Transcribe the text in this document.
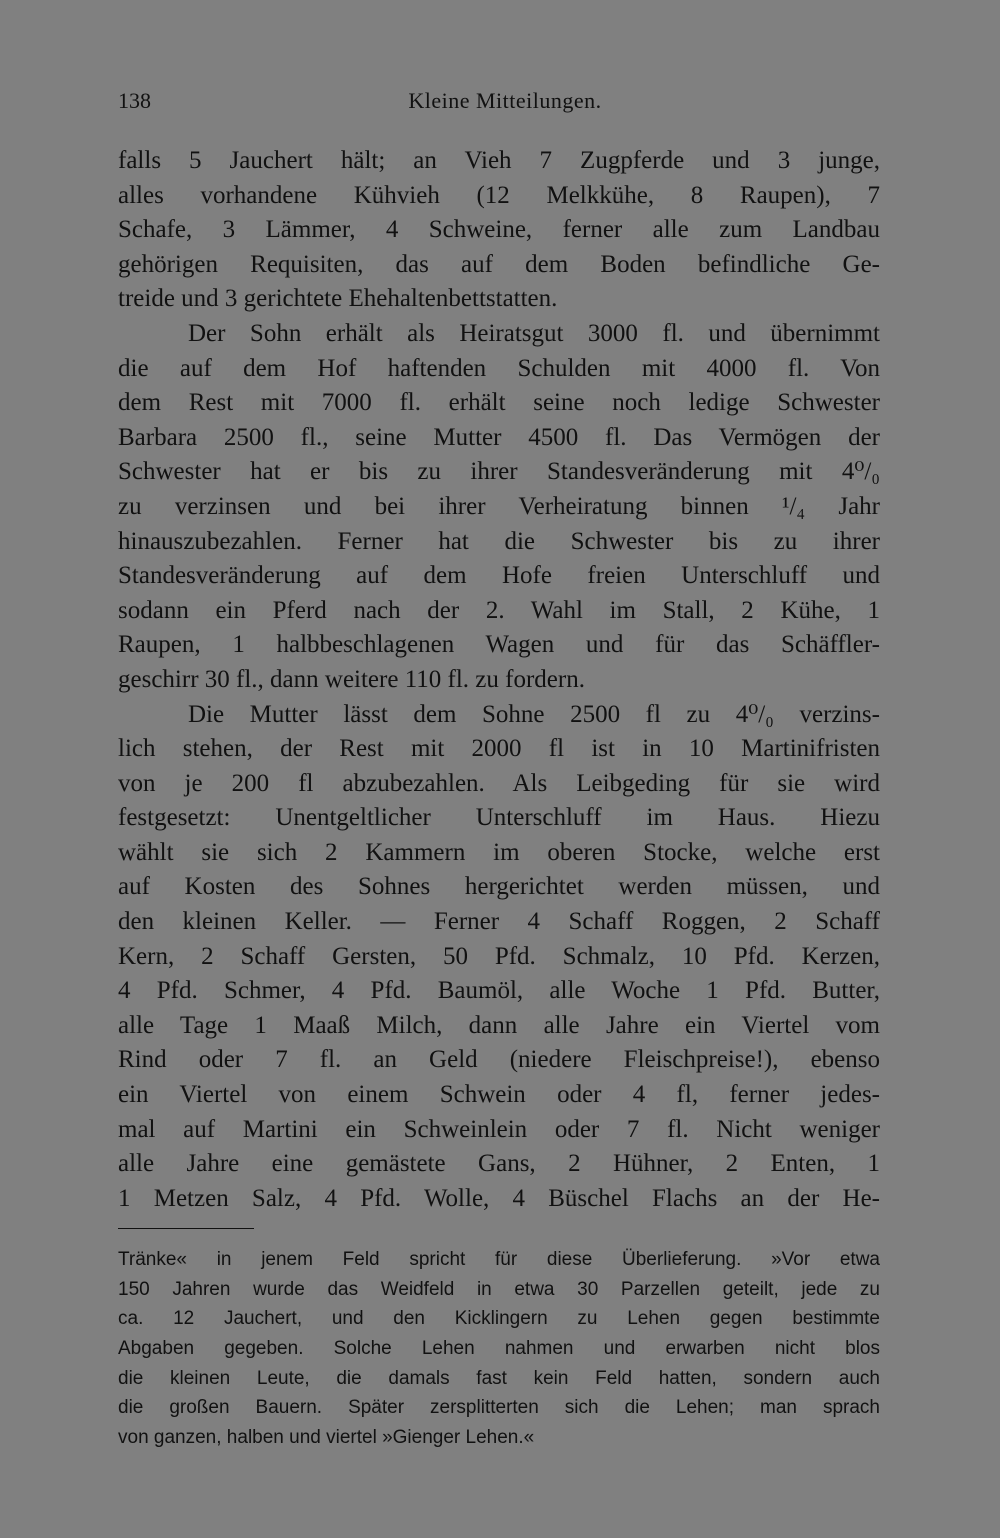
138	Kleine Mitteilungen.
falls 5 Jauchert hält; an Vieh 7 Zugpferde und 3 junge,
alles vorhandene Kühvieh (12 Melkkühe, 8 Raupen), 7
Schafe, 3 Lämmer, 4 Schweine, ferner alle zum Landbau
gehörigen Requisiten, das auf dem Boden befindliche Ge-
treide und 3 gerichtete Ehehaltenbettstatten.
Der Sohn erhält als Heiratsgut 3000 fl. und übernimmt
die auf dem Hof haftenden Schulden mit 4000 fl. Von
dem Rest mit 7000 fl. erhält seine noch ledige Schwester
Barbara 2500 fl., seine Mutter 4500 fl. Das Vermögen der
Schwester hat er bis zu ihrer Standesveränderung mit 4⁰/₀
zu verzinsen und bei ihrer Verheiratung binnen ¹/₄ Jahr
hinauszubezahlen. Ferner hat die Schwester bis zu ihrer
Standesveränderung auf dem Hofe freien Unterschluff und
sodann ein Pferd nach der 2. Wahl im Stall, 2 Kühe, 1
Raupen, 1 halbbeschlagenen Wagen und für das Schäffler-
geschirr 30 fl., dann weitere 110 fl. zu fordern.
Die Mutter lässt dem Sohne 2500 fl zu 4⁰/₀ verzins-
lich stehen, der Rest mit 2000 fl ist in 10 Martinifristen
von je 200 fl abzubezahlen. Als Leibgeding für sie wird
festgesetzt: Unentgeltlicher Unterschluff im Haus. Hiezu
wählt sie sich 2 Kammern im oberen Stocke, welche erst
auf Kosten des Sohnes hergerichtet werden müssen, und
den kleinen Keller. — Ferner 4 Schaff Roggen, 2 Schaff
Kern, 2 Schaff Gersten, 50 Pfd. Schmalz, 10 Pfd. Kerzen,
4 Pfd. Schmer, 4 Pfd. Baumöl, alle Woche 1 Pfd. Butter,
alle Tage 1 Maaß Milch, dann alle Jahre ein Viertel vom
Rind oder 7 fl. an Geld (niedere Fleischpreise!), ebenso
ein Viertel von einem Schwein oder 4 fl, ferner jedes-
mal auf Martini ein Schweinlein oder 7 fl. Nicht weniger
alle Jahre eine gemästete Gans, 2 Hühner, 2 Enten, 1
1 Metzen Salz, 4 Pfd. Wolle, 4 Büschel Flachs an der He-
Tränke« in jenem Feld spricht für diese Überlieferung. »Vor etwa
150 Jahren wurde das Weidfeld in etwa 30 Parzellen geteilt, jede zu
ca. 12 Jauchert, und den Kicklingern zu Lehen gegen bestimmte
Abgaben gegeben. Solche Lehen nahmen und erwarben nicht blos
die kleinen Leute, die damals fast kein Feld hatten, sondern auch
die großen Bauern. Später zersplitterten sich die Lehen; man sprach
von ganzen, halben und viertel »Gienger Lehen.«
